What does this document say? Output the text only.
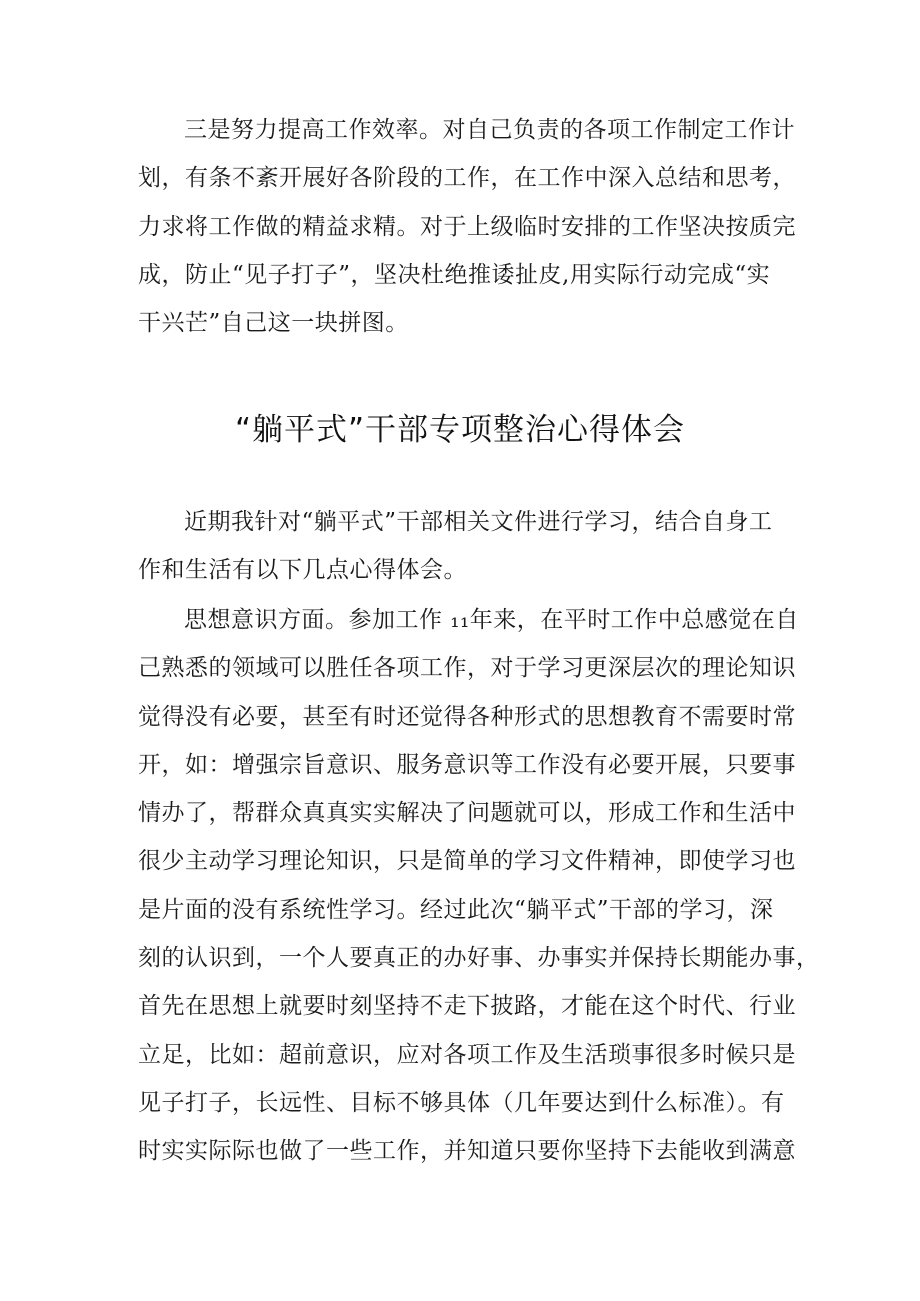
三是努力提高工作效率。对自己负责的各项工作制定工作计
划，有条不紊开展好各阶段的工作，在工作中深入总结和思考，
力求将工作做的精益求精。对于上级临时安排的工作坚决按质完
成，防止“见子打子”，坚决杜绝推诿扯皮,用实际行动完成“实
干兴芒”自己这一块拼图。
“躺平式”干部专项整治心得体会
近期我针对“躺平式”干部相关文件进行学习，结合自身工
作和生活有以下几点心得体会。
思想意识方面。参加工作 ₁₁年来，在平时工作中总感觉在自
己熟悉的领域可以胜任各项工作，对于学习更深层次的理论知识
觉得没有必要，甚至有时还觉得各种形式的思想教育不需要时常
开，如：增强宗旨意识、服务意识等工作没有必要开展，只要事
情办了，帮群众真真实实解决了问题就可以，形成工作和生活中
很少主动学习理论知识，只是简单的学习文件精神，即使学习也
是片面的没有系统性学习。经过此次“躺平式”干部的学习，深
刻的认识到，一个人要真正的办好事、办事实并保持长期能办事，
首先在思想上就要时刻坚持不走下披路，才能在这个时代、行业
立足，比如：超前意识，应对各项工作及生活琐事很多时候只是
见子打子，长远性、目标不够具体（几年要达到什么标准）。有
时实实际际也做了一些工作，并知道只要你坚持下去能收到满意
